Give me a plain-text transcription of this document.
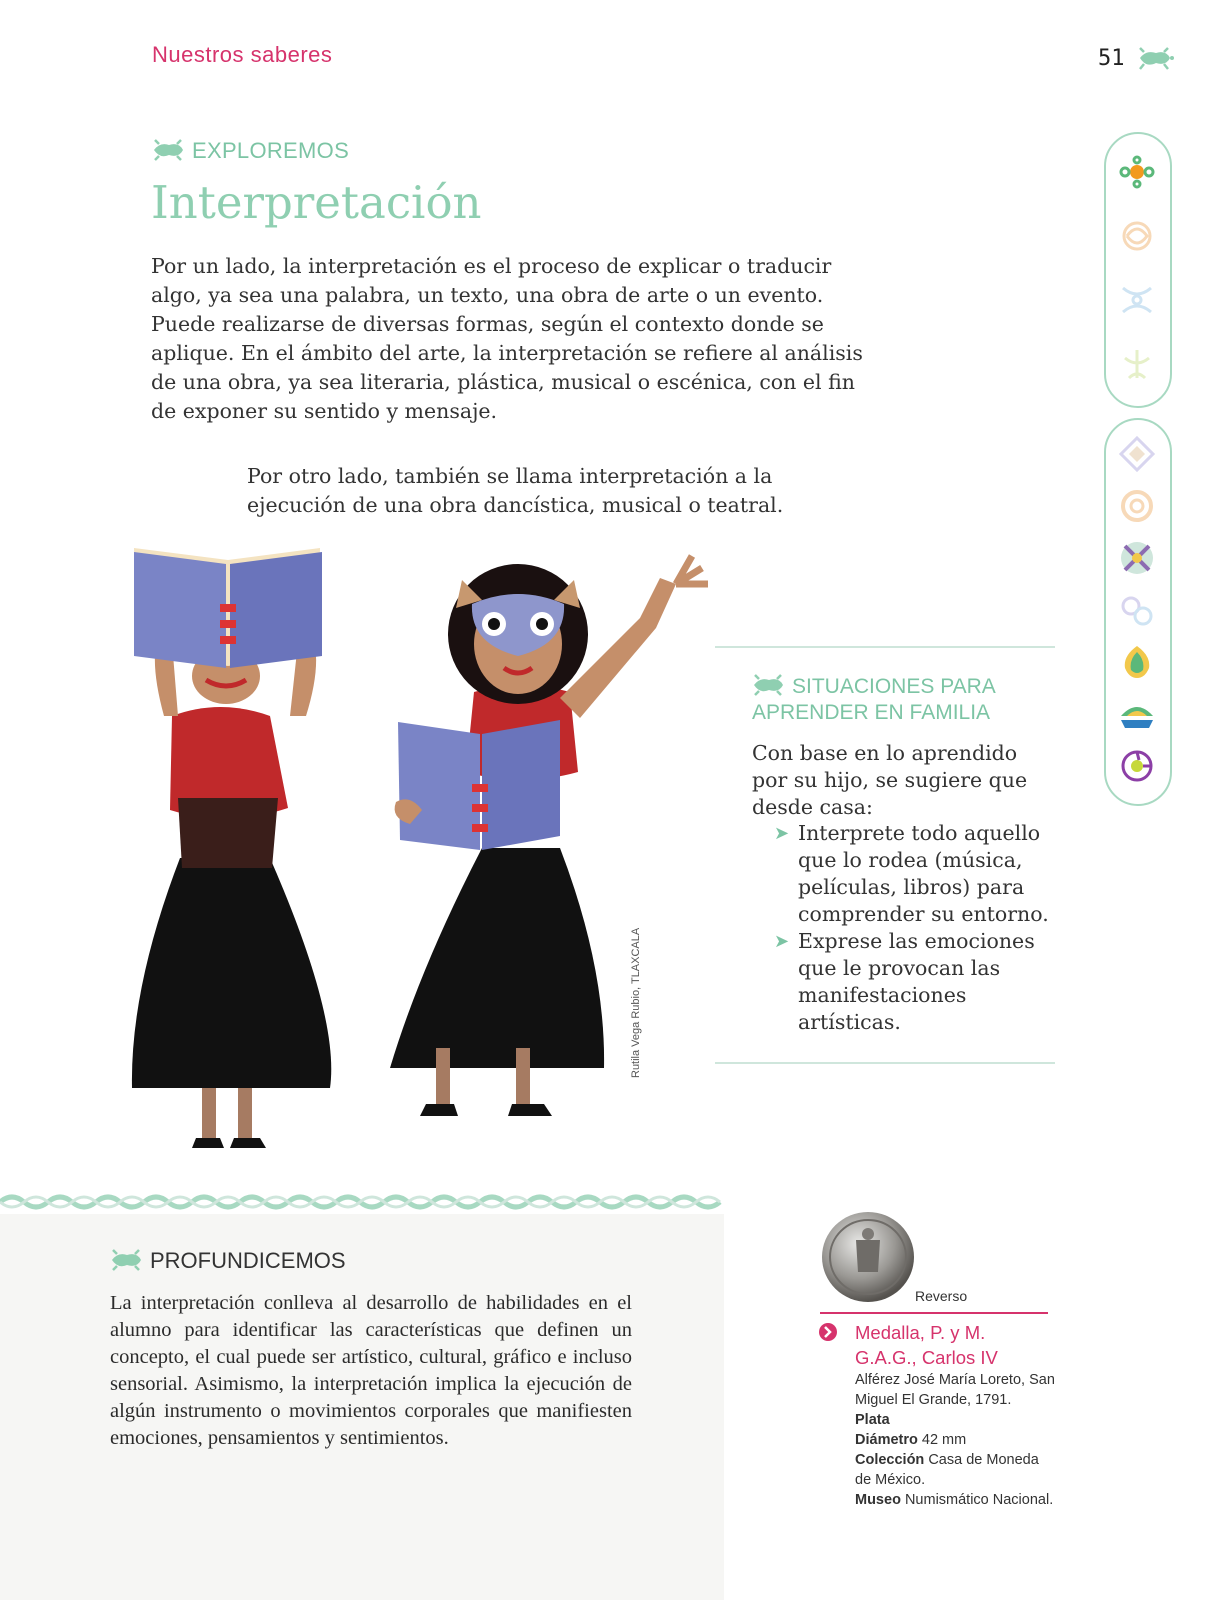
Nuestros saberes	51
EXPLOREMOS
Interpretación
Por un lado, la interpretación es el proceso de explicar o traducir algo, ya sea una palabra, un texto, una obra de arte o un evento. Puede realizarse de diversas formas, según el contexto donde se aplique. En el ámbito del arte, la interpretación se refiere al análisis de una obra, ya sea literaria, plástica, musical o escénica, con el fin de exponer su sentido y mensaje.
Por otro lado, también se llama interpretación a la ejecución de una obra dancística, musical o teatral.
Rutila Vega Rubio, TLAXCALA
SITUACIONES PARA
APRENDER EN FAMILIA
Con base en lo aprendido por su hijo, se sugiere que desde casa:
➤ Interprete todo aquello que lo rodea (música, películas, libros) para comprender su entorno.
➤ Exprese las emociones que le provocan las manifestaciones artísticas.
PROFUNDICEMOS
La interpretación conlleva al desarrollo de habilidades en el alumno para identificar las características que definen un concepto, el cual puede ser artístico, cultural, gráfico e incluso sensorial. Asimismo, la interpretación implica la ejecución de algún instrumento o movimientos corporales que manifiesten emociones, pensamientos y sentimientos.
Reverso
Medalla, P. y M.
G.A.G., Carlos IV
Alférez José María Loreto, San Miguel El Grande, 1791.
Plata
Diámetro 42 mm
Colección Casa de Moneda de México.
Museo Numismático Nacional.
